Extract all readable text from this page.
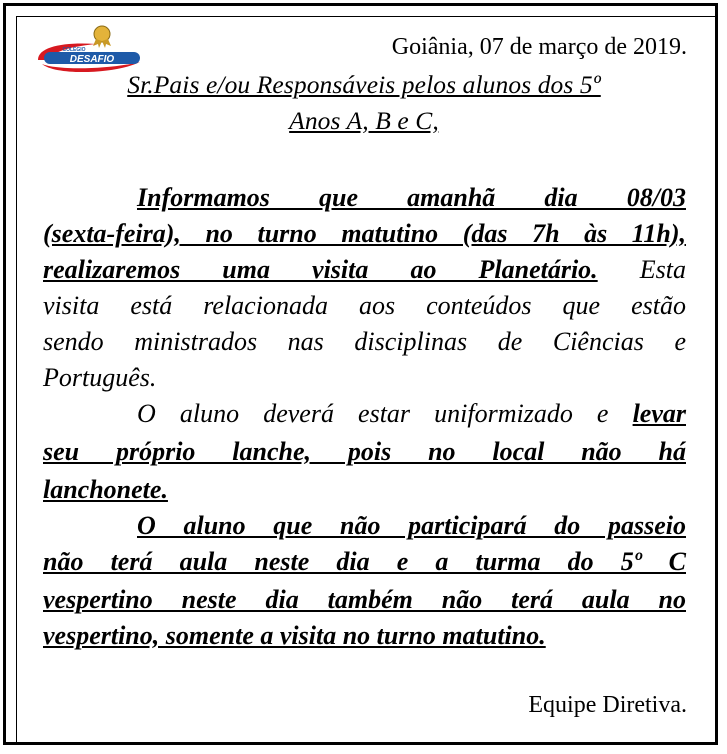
DESAFIO
COLÉGIO	Goiânia, 07 de março de 2019.
Sr.Pais e/ou Responsáveis pelos alunos dos 5º
Anos A, B e C,
Informamos que amanhã dia 08/03
(sexta-feira), no turno matutino (das 7h às 11h),
realizaremos uma visita ao Planetário. Esta
visita está relacionada aos conteúdos que estão
sendo ministrados nas disciplinas de Ciências e
Português.
O aluno deverá estar uniformizado e levar
seu próprio lanche, pois no local não há
lanchonete.
O aluno que não participará do passeio
não terá aula neste dia e a turma do 5º C
vespertino neste dia também não terá aula no
vespertino, somente a visita no turno matutino.
Equipe Diretiva.
